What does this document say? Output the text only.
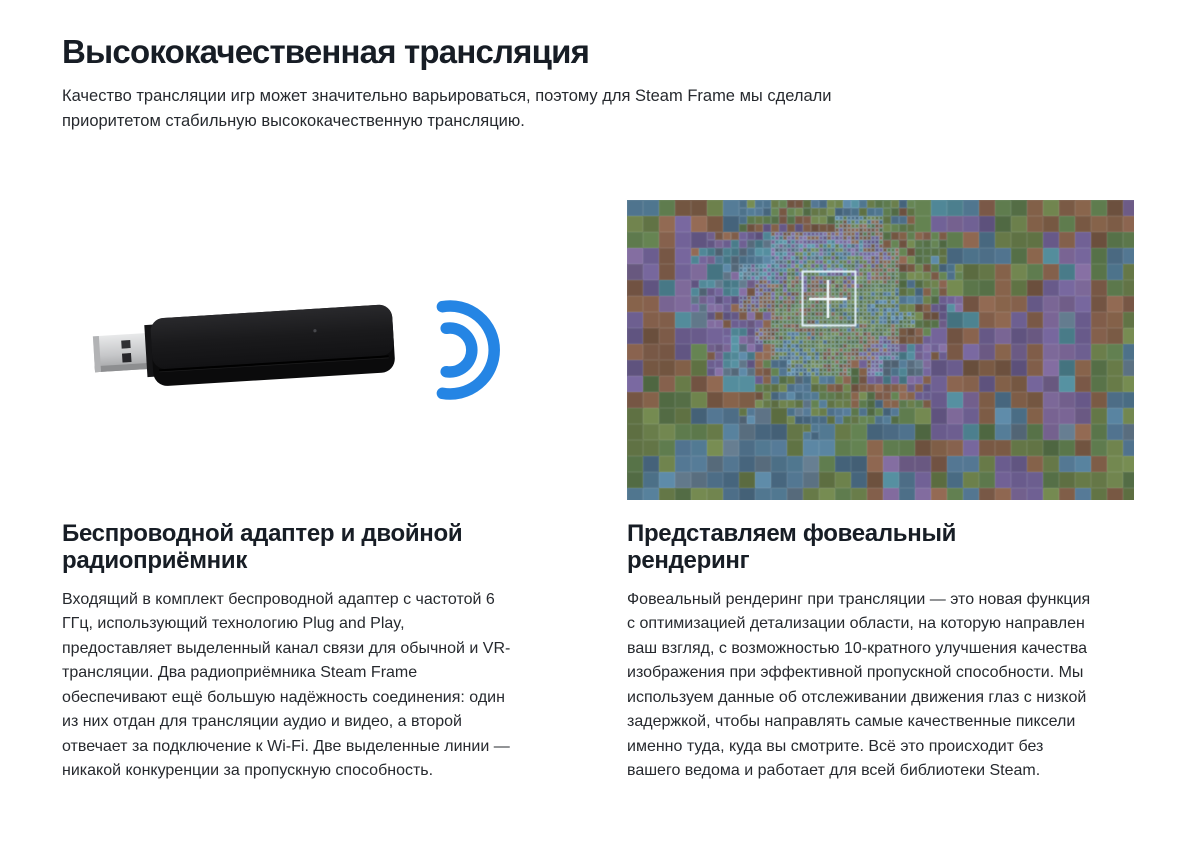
Высококачественная трансляция

Качество трансляции игр может значительно варьироваться, поэтому для Steam Frame мы сделали приоритетом стабильную высококачественную трансляцию.

Беспроводной адаптер и двойной радиоприёмник

Входящий в комплект беспроводной адаптер с частотой 6 ГГц, использующий технологию Plug and Play, предоставляет выделенный канал связи для обычной и VR-трансляции. Два радиоприёмника Steam Frame обеспечивают ещё большую надёжность соединения: один из них отдан для трансляции аудио и видео, а второй отвечает за подключение к Wi-Fi. Две выделенные линии — никакой конкуренции за пропускную способность.

Представляем фовеальный рендеринг

Фовеальный рендеринг при трансляции — это новая функция с оптимизацией детализации области, на которую направлен ваш взгляд, с возможностью 10-кратного улучшения качества изображения при эффективной пропускной способности. Мы используем данные об отслеживании движения глаз с низкой задержкой, чтобы направлять самые качественные пиксели именно туда, куда вы смотрите. Всё это происходит без вашего ведома и работает для всей библиотеки Steam.
